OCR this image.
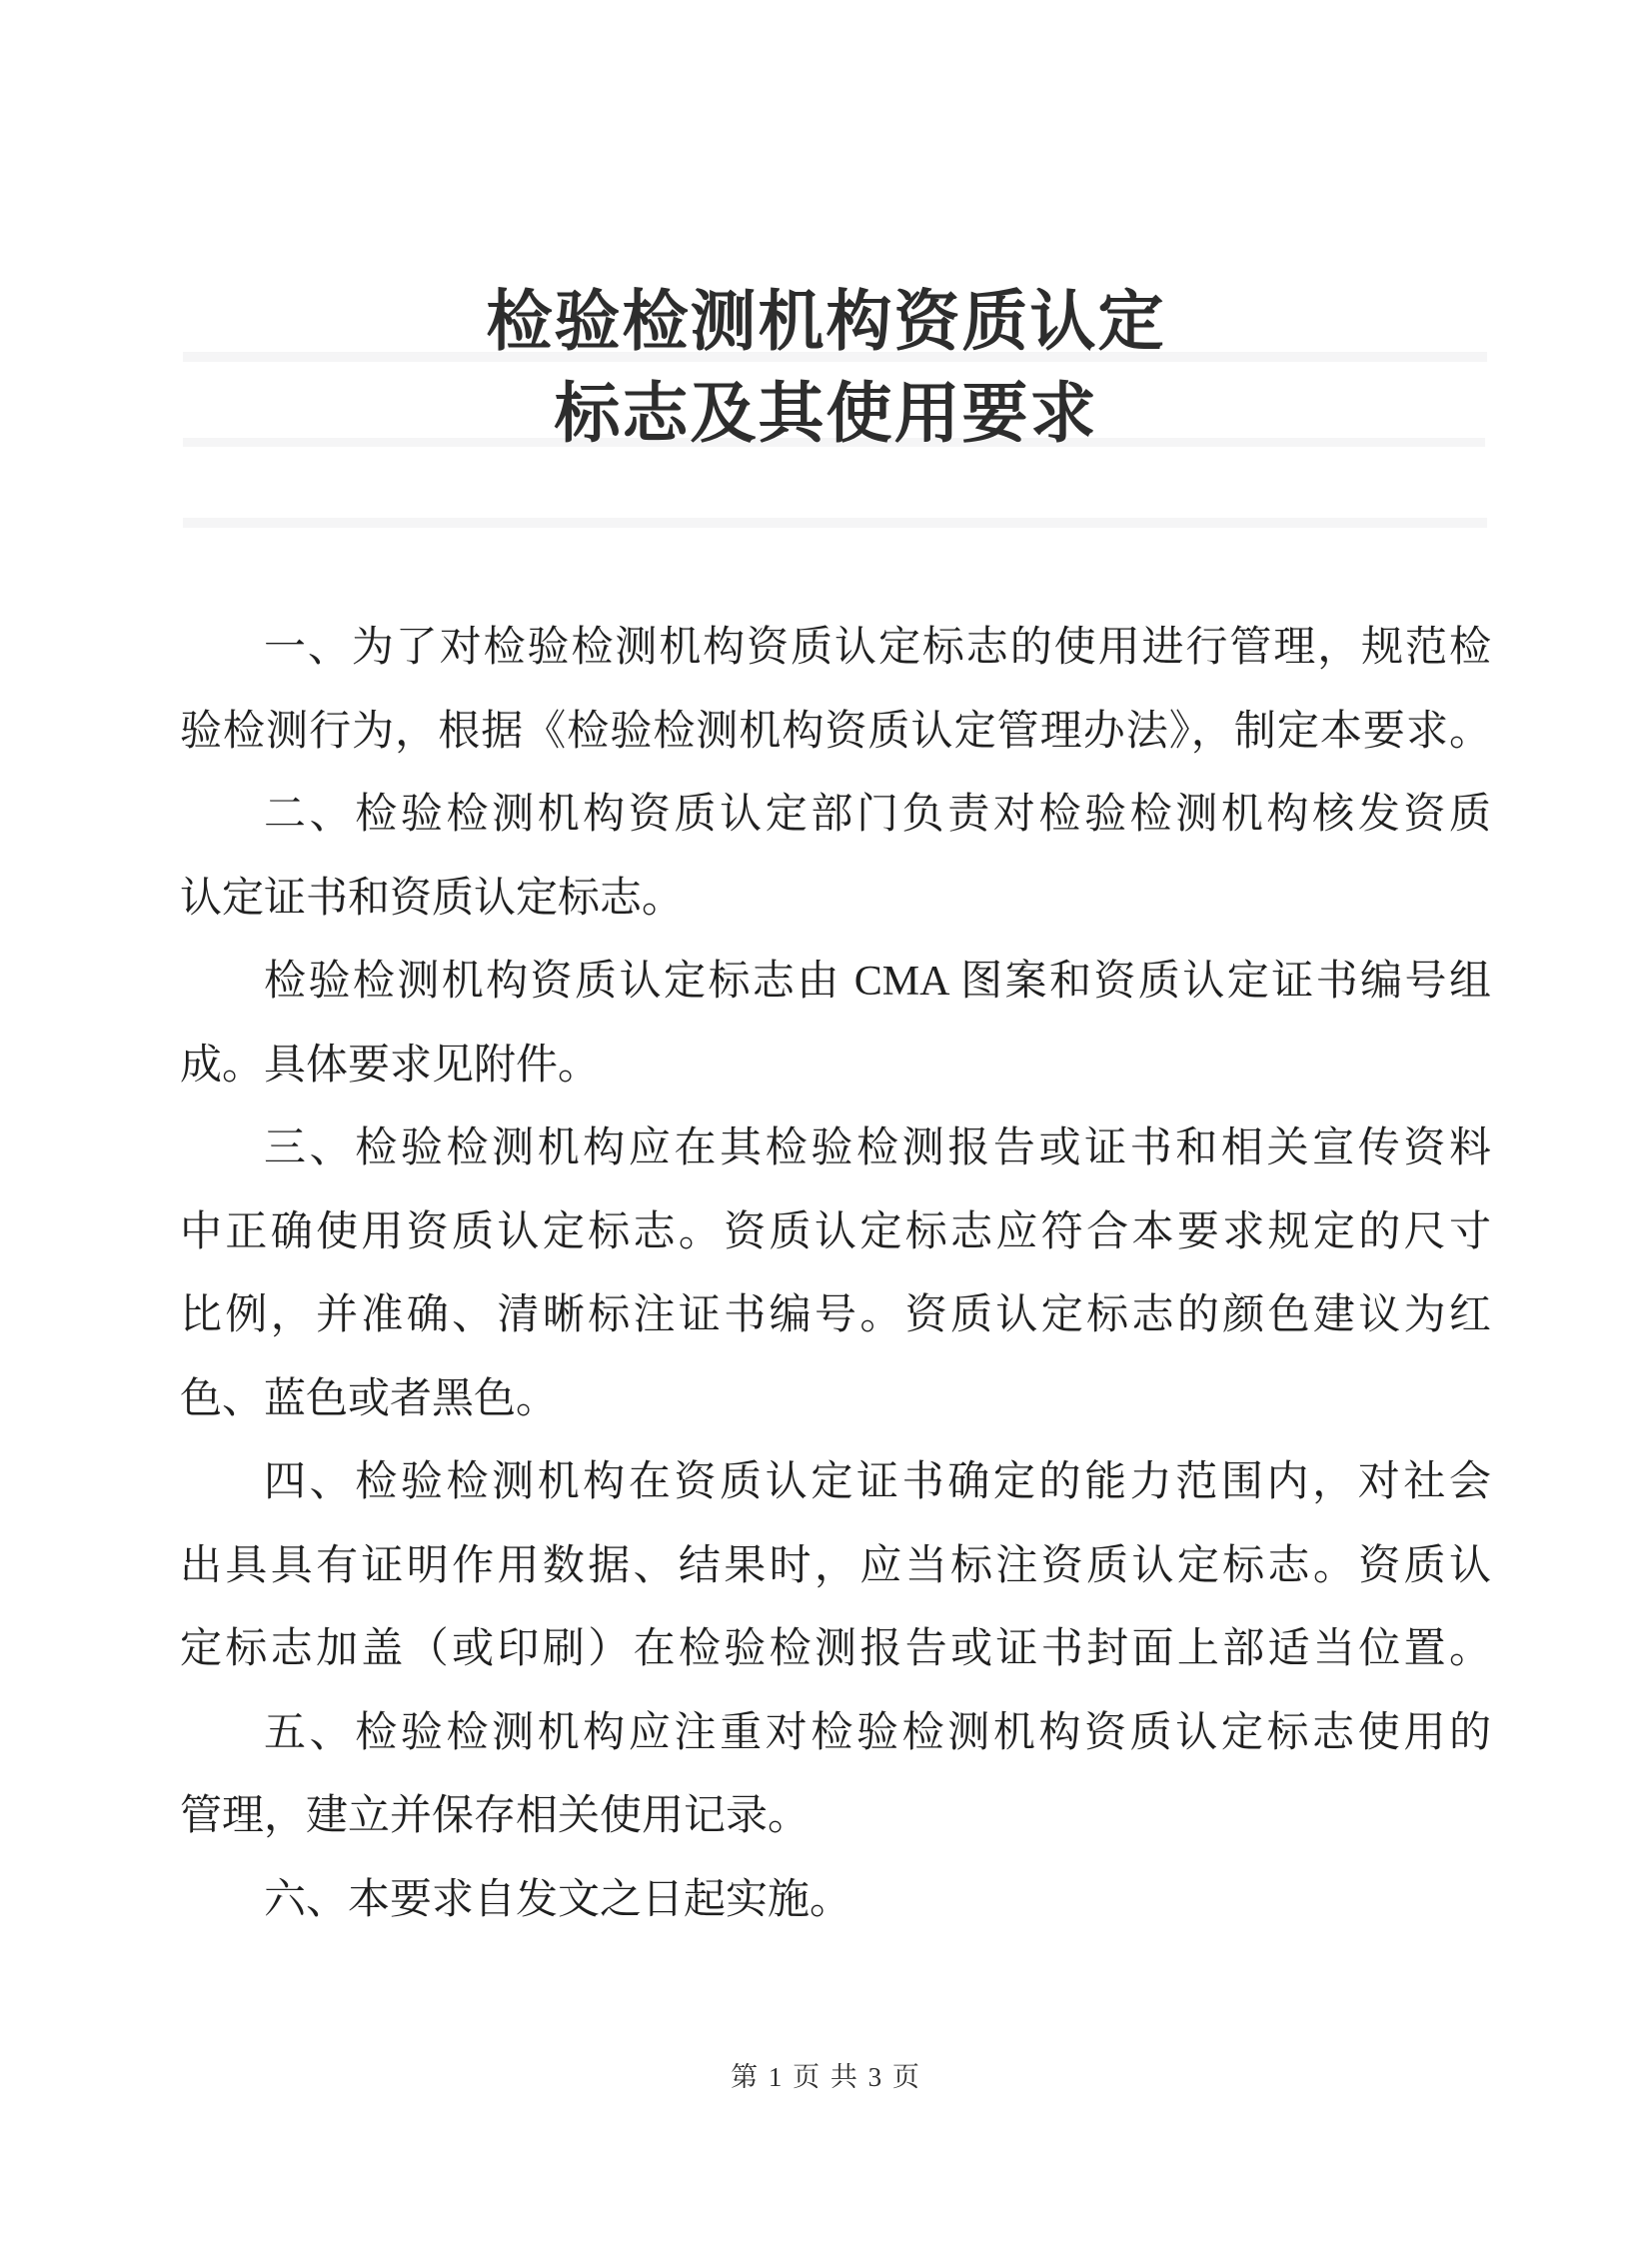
检验检测机构资质认定
标志及其使用要求
一、为了对检验检测机构资质认定标志的使用进行管理，规范检
验检测行为，根据《检验检测机构资质认定管理办法》，制定本要求。
二、检验检测机构资质认定部门负责对检验检测机构核发资质
认定证书和资质认定标志。
检验检测机构资质认定标志由 CMA 图案和资质认定证书编号组
成。具体要求见附件。
三、检验检测机构应在其检验检测报告或证书和相关宣传资料
中正确使用资质认定标志。资质认定标志应符合本要求规定的尺寸
比例，并准确、清晰标注证书编号。资质认定标志的颜色建议为红
色、蓝色或者黑色。
四、检验检测机构在资质认定证书确定的能力范围内，对社会
出具具有证明作用数据、结果时，应当标注资质认定标志。资质认
定标志加盖（或印刷）在检验检测报告或证书封面上部适当位置。
五、检验检测机构应注重对检验检测机构资质认定标志使用的
管理，建立并保存相关使用记录。
六、本要求自发文之日起实施。
第 1 页 共 3 页
